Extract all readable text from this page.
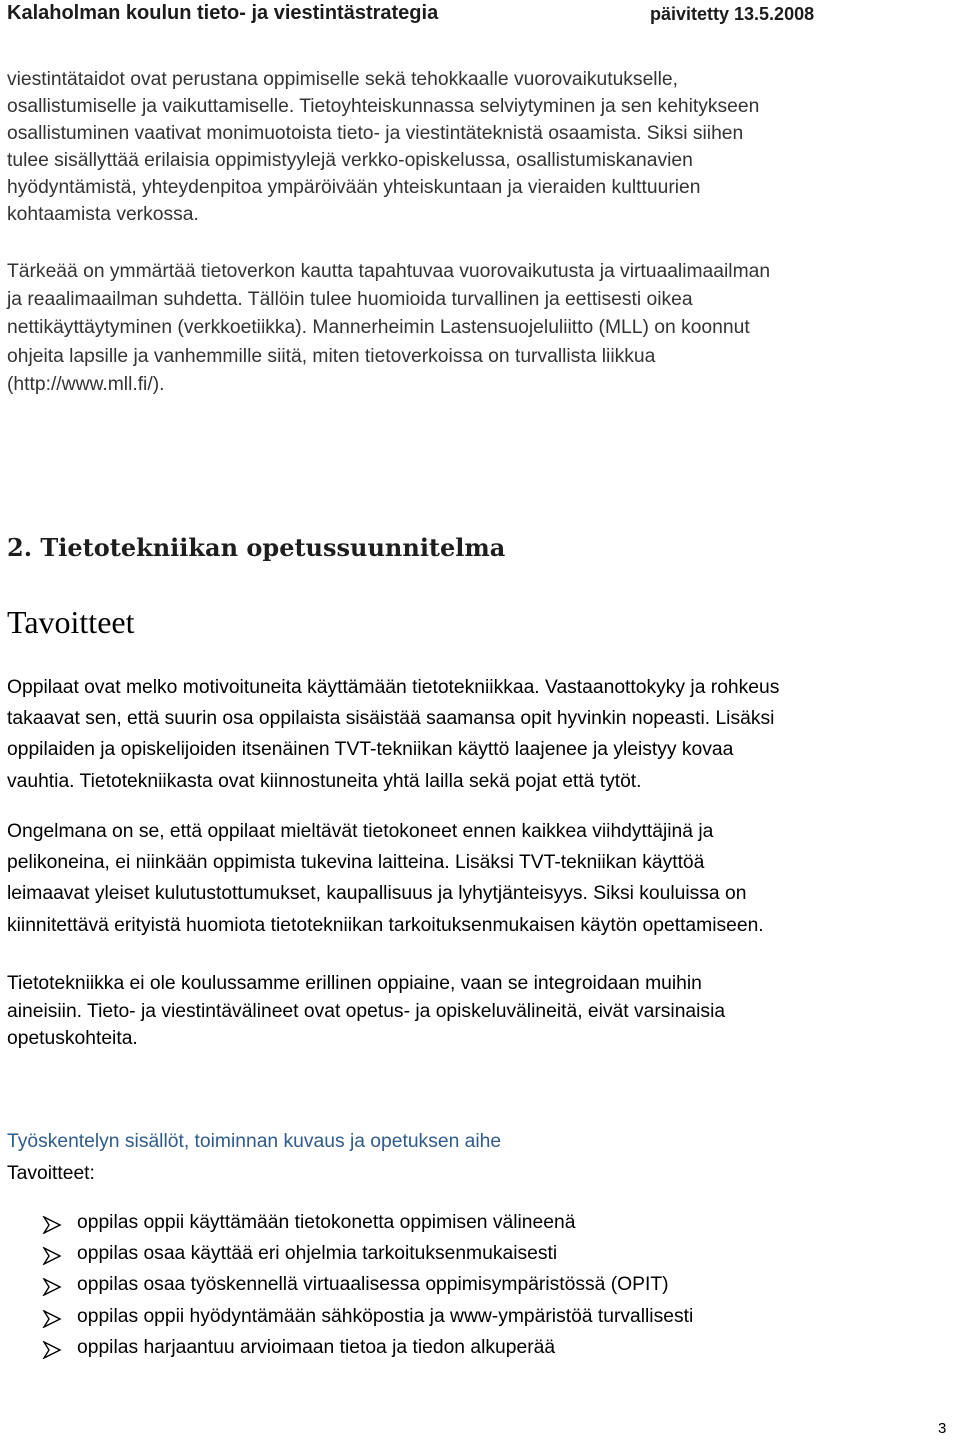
Kalaholman koulun tieto- ja viestintästrategia	päivitetty 13.5.2008

viestintätaidot ovat perustana oppimiselle sekä tehokkaalle vuorovaikutukselle,
osallistumiselle ja vaikuttamiselle. Tietoyhteiskunnassa selviytyminen ja sen kehitykseen
osallistuminen vaativat monimuotoista tieto- ja viestintäteknistä osaamista. Siksi siihen
tulee sisällyttää erilaisia oppimistyylejä verkko-opiskelussa, osallistumiskanavien
hyödyntämistä, yhteydenpitoa ympäröivään yhteiskuntaan ja vieraiden kulttuurien
kohtaamista verkossa.

Tärkeää on ymmärtää tietoverkon kautta tapahtuvaa vuorovaikutusta ja virtuaalimaailman
ja reaalimaailman suhdetta. Tällöin tulee huomioida turvallinen ja eettisesti oikea
nettikäyttäytyminen (verkkoetiikka). Mannerheimin Lastensuojeluliitto (MLL) on koonnut
ohjeita lapsille ja vanhemmille siitä, miten tietoverkoissa on turvallista liikkua
(http://www.mll.fi/).

2. Tietotekniikan opetussuunnitelma
Tavoitteet

Oppilaat ovat melko motivoituneita käyttämään tietotekniikkaa. Vastaanottokyky ja rohkeus
takaavat sen, että suurin osa oppilaista sisäistää saamansa opit hyvinkin nopeasti. Lisäksi
oppilaiden ja opiskelijoiden itsenäinen TVT-tekniikan käyttö laajenee ja yleistyy kovaa
vauhtia. Tietotekniikasta ovat kiinnostuneita yhtä lailla sekä pojat että tytöt.

Ongelmana on se, että oppilaat mieltävät tietokoneet ennen kaikkea viihdyttäjinä ja
pelikoneina, ei niinkään oppimista tukevina laitteina. Lisäksi TVT-tekniikan käyttöä
leimaavat yleiset kulutustottumukset, kaupallisuus ja lyhytjänteisyys. Siksi kouluissa on
kiinnitettävä erityistä huomiota tietotekniikan tarkoituksenmukaisen käytön opettamiseen.

Tietotekniikka ei ole koulussamme erillinen oppiaine, vaan se integroidaan muihin
aineisiin. Tieto- ja viestintävälineet ovat opetus- ja opiskeluvälineitä, eivät varsinaisia
opetuskohteita.

Työskentelyn sisällöt, toiminnan kuvaus ja opetuksen aihe
Tavoitteet:
oppilas oppii käyttämään tietokonetta oppimisen välineenä
oppilas osaa käyttää eri ohjelmia tarkoituksenmukaisesti
oppilas osaa työskennellä virtuaalisessa oppimisympäristössä (OPIT)
oppilas oppii hyödyntämään sähköpostia ja www-ympäristöä turvallisesti
oppilas harjaantuu arvioimaan tietoa ja tiedon alkuperää
3
